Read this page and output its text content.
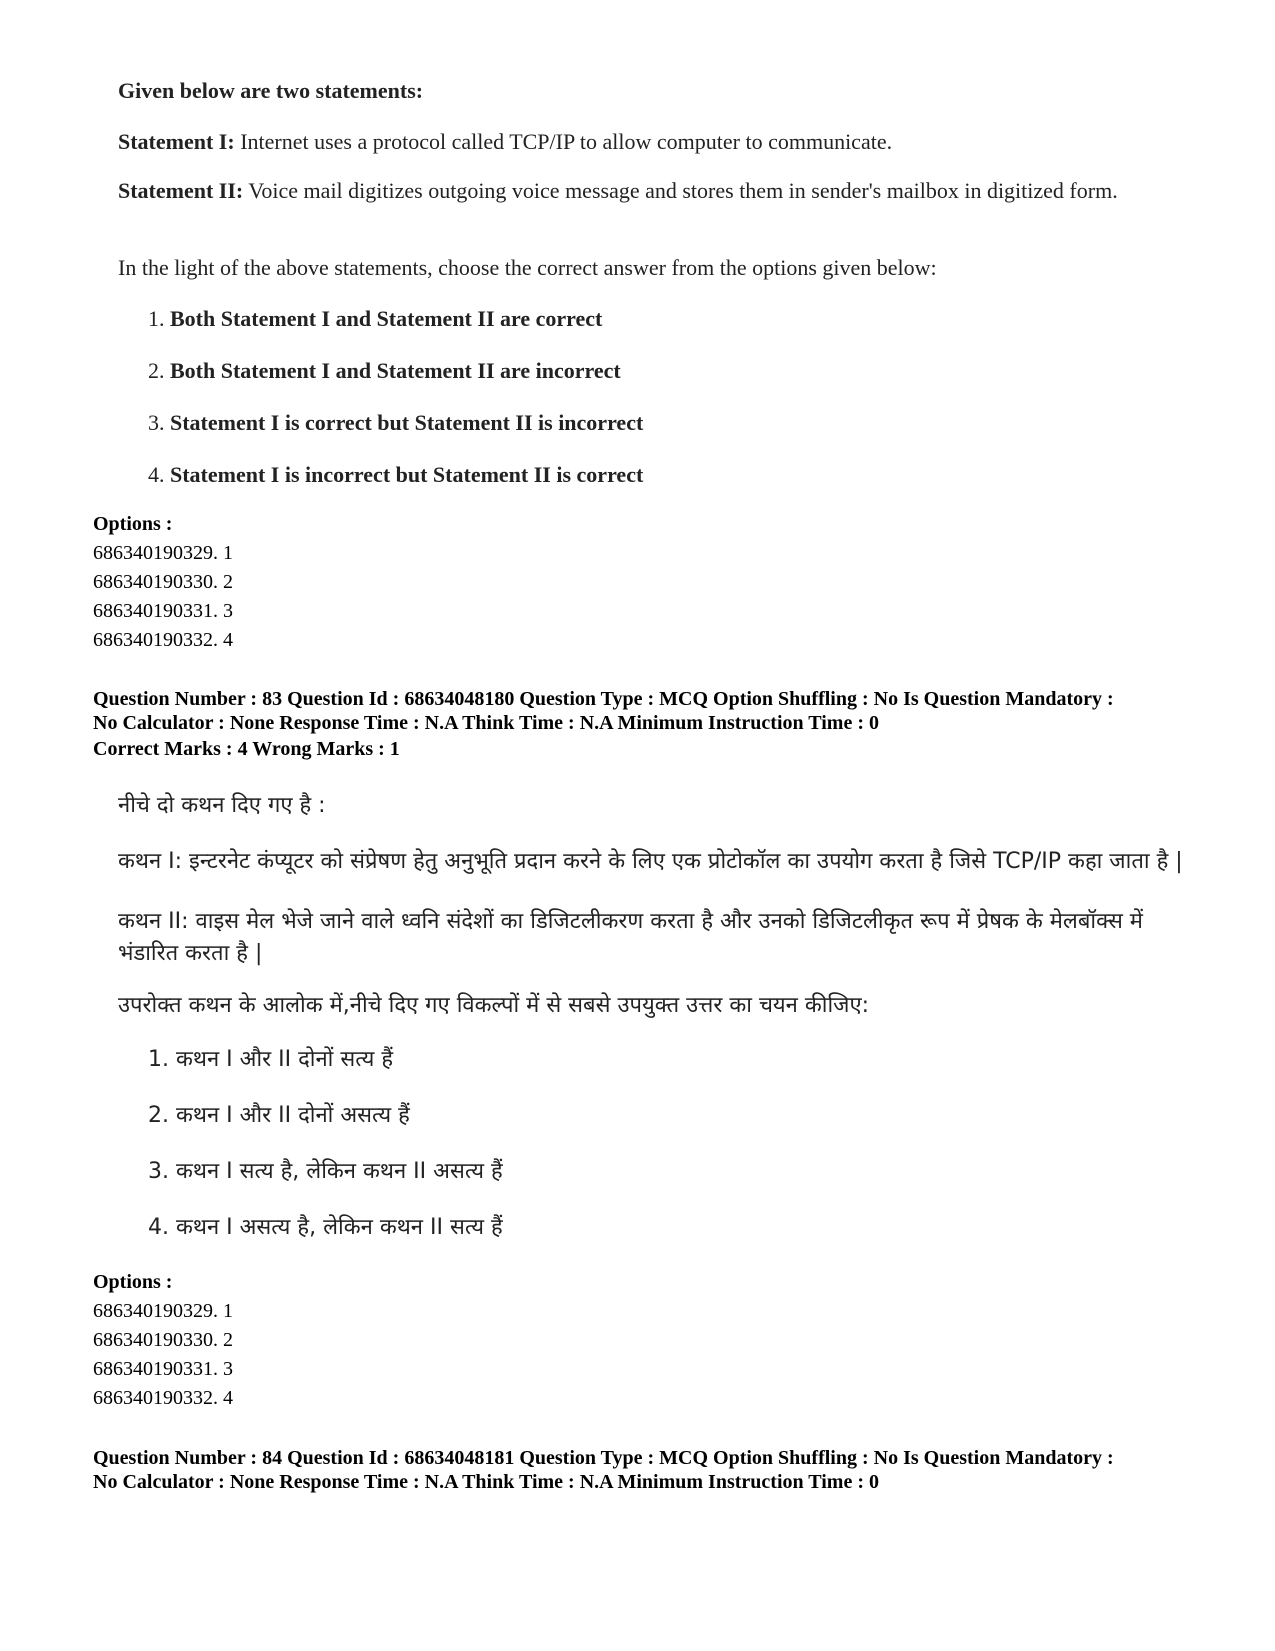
Given below are two statements:

Statement I: Internet uses a protocol called TCP/IP to allow computer to communicate.

Statement II: Voice mail digitizes outgoing voice message and stores them in sender's mailbox in digitized form.

In the light of the above statements, choose the correct answer from the options given below:

1. Both Statement I and Statement II are correct

2. Both Statement I and Statement II are incorrect

3. Statement I is correct but Statement II is incorrect

4. Statement I is incorrect but Statement II is correct

Options :
686340190329. 1
686340190330. 2
686340190331. 3
686340190332. 4
Question Number : 83 Question Id : 68634048180 Question Type : MCQ Option Shuffling : No Is Question Mandatory :
No Calculator : None Response Time : N.A Think Time : N.A Minimum Instruction Time : 0
Correct Marks : 4 Wrong Marks : 1

नीचे दो कथन दिए गए है :

कथन I: इन्टरनेट कंप्यूटर को संप्रेषण हेतु अनुभूति प्रदान करने के लिए एक प्रोटोकॉल का उपयोग करता है जिसे TCP/IP कहा जाता है |

कथन II: वाइस मेल भेजे जाने वाले ध्वनि संदेशों का डिजिटलीकरण करता है और उनको डिजिटलीकृत रूप में प्रेषक के मेलबॉक्स में भंडारित करता है |

उपरोक्त कथन के आलोक में,नीचे दिए गए विकल्पों में से सबसे उपयुक्त उत्तर का चयन कीजिए:

1. कथन I और II दोनों सत्य हैं

2. कथन I और II दोनों असत्य हैं

3. कथन I सत्य है, लेकिन कथन II असत्य हैं

4. कथन I असत्य है, लेकिन कथन II सत्य हैं

Options :
686340190329. 1
686340190330. 2
686340190331. 3
686340190332. 4
Question Number : 84 Question Id : 68634048181 Question Type : MCQ Option Shuffling : No Is Question Mandatory :
No Calculator : None Response Time : N.A Think Time : N.A Minimum Instruction Time : 0
